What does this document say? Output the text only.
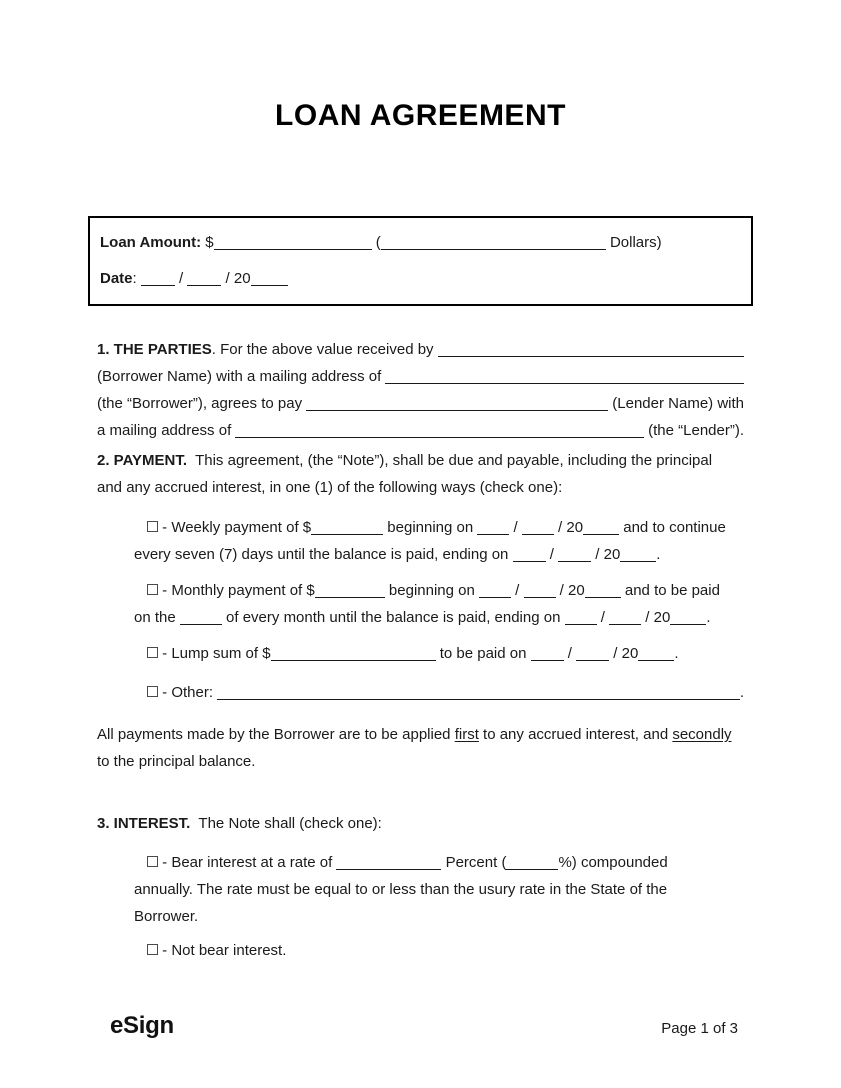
LOAN AGREEMENT
Loan Amount: $	(	Dollars)
Date : / / 20
1. THE PARTIES . For the above value received by
(Borrower Name) with a mailing address of
(the “Borrower”), agrees to pay	(Lender Name) with
a mailing address of	(the “Lender”).
2. PAYMENT. This agreement, (the “Note”), shall be due and payable, including the principal
and any accrued interest, in one (1) of the following ways (check one):
- Weekly payment of $	beginning on / / 20 and to continue
every seven (7) days until the balance is paid, ending on / / 20 .
- Monthly payment of $	beginning on / / 20 and to be paid
on the	of every month until the balance is paid, ending on / / 20 .
- Lump sum of $	to be paid on / / 20 .
- Other:	.
All payments made by the Borrower are to be applied first to any accrued interest, and secondly
to the principal balance.
3. INTEREST. The Note shall (check one):
- Bear interest at a rate of	Percent (	%) compounded
annually. The rate must be equal to or less than the usury rate in the State of the
Borrower.
- Not bear interest.
eSign	Page 1 of 3
